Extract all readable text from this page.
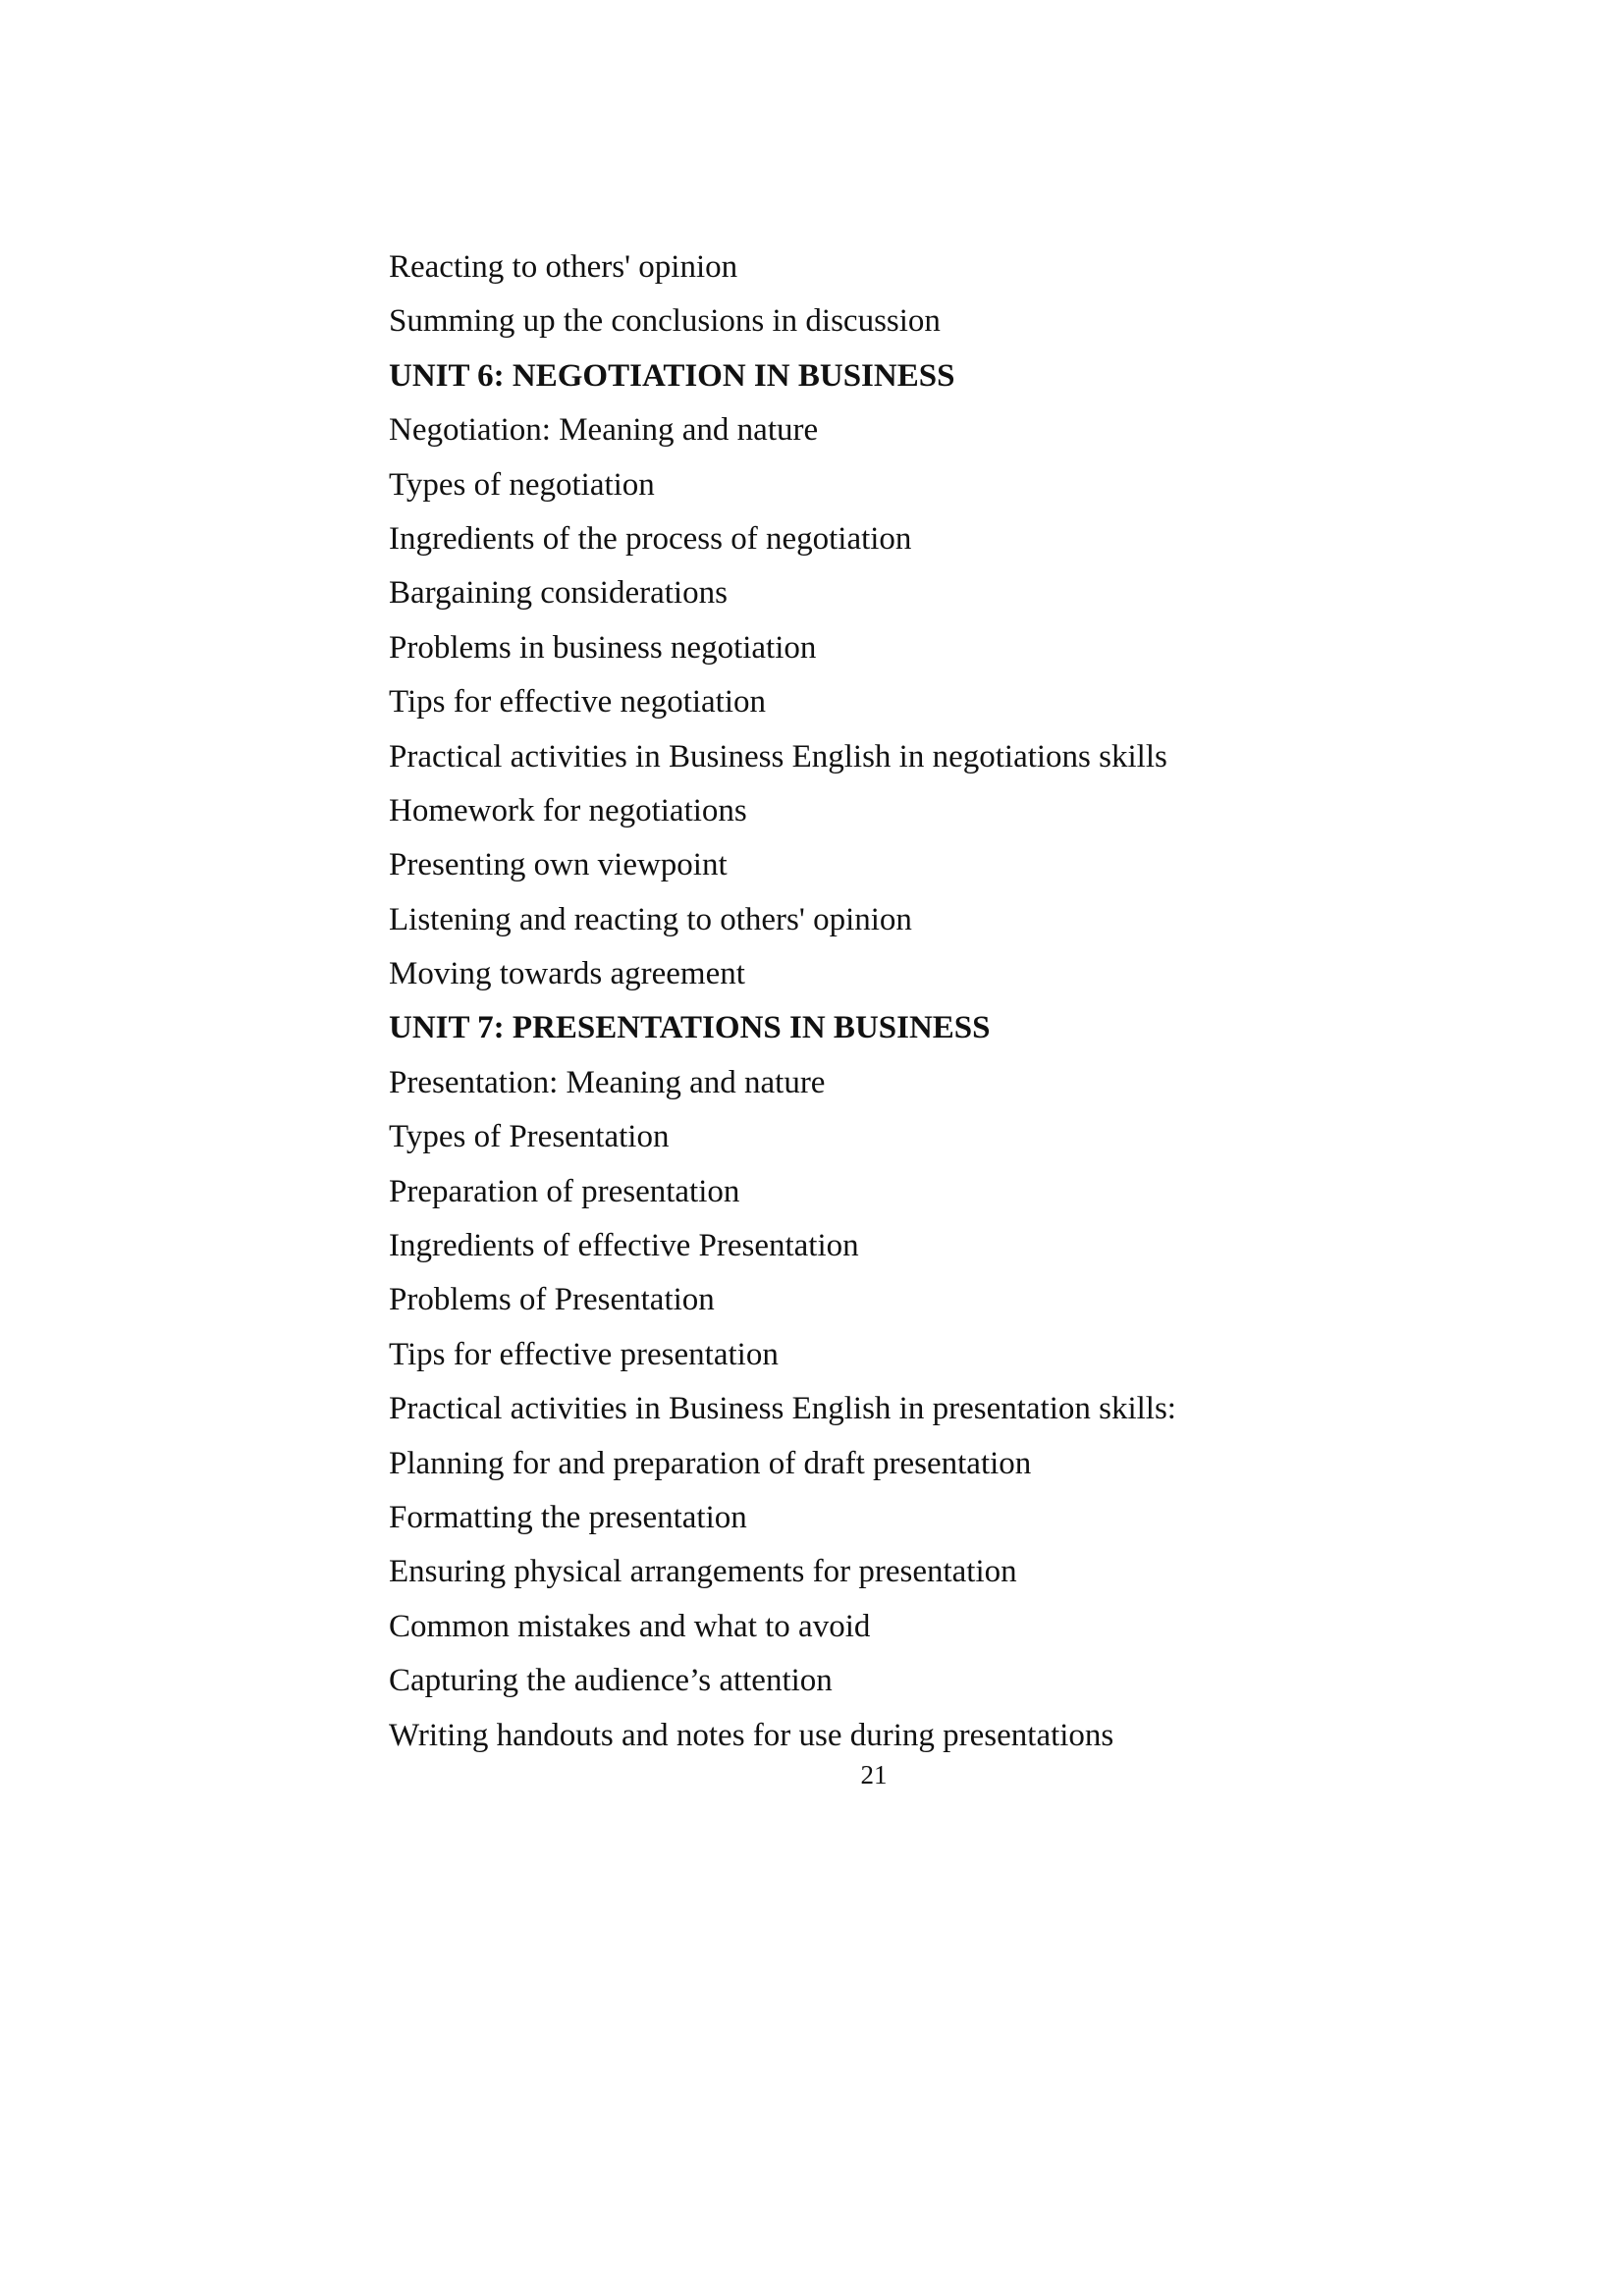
Reacting to others' opinion
Summing up the conclusions in discussion
UNIT 6: NEGOTIATION IN BUSINESS
Negotiation: Meaning and nature
Types of negotiation
Ingredients of the process of negotiation
Bargaining considerations
Problems in business negotiation
Tips for effective negotiation
Practical activities in Business English in negotiations skills
Homework for negotiations
Presenting own viewpoint
Listening and reacting to others' opinion
Moving towards agreement
UNIT 7: PRESENTATIONS IN BUSINESS
Presentation: Meaning and nature
Types of Presentation
Preparation of presentation
Ingredients of effective Presentation
Problems of Presentation
Tips for effective presentation
Practical activities in Business English in presentation skills:
Planning for and preparation of draft presentation
Formatting the presentation
Ensuring physical arrangements for presentation
Common mistakes and what to avoid
Capturing the audience’s attention
Writing handouts and notes for use during presentations
21
